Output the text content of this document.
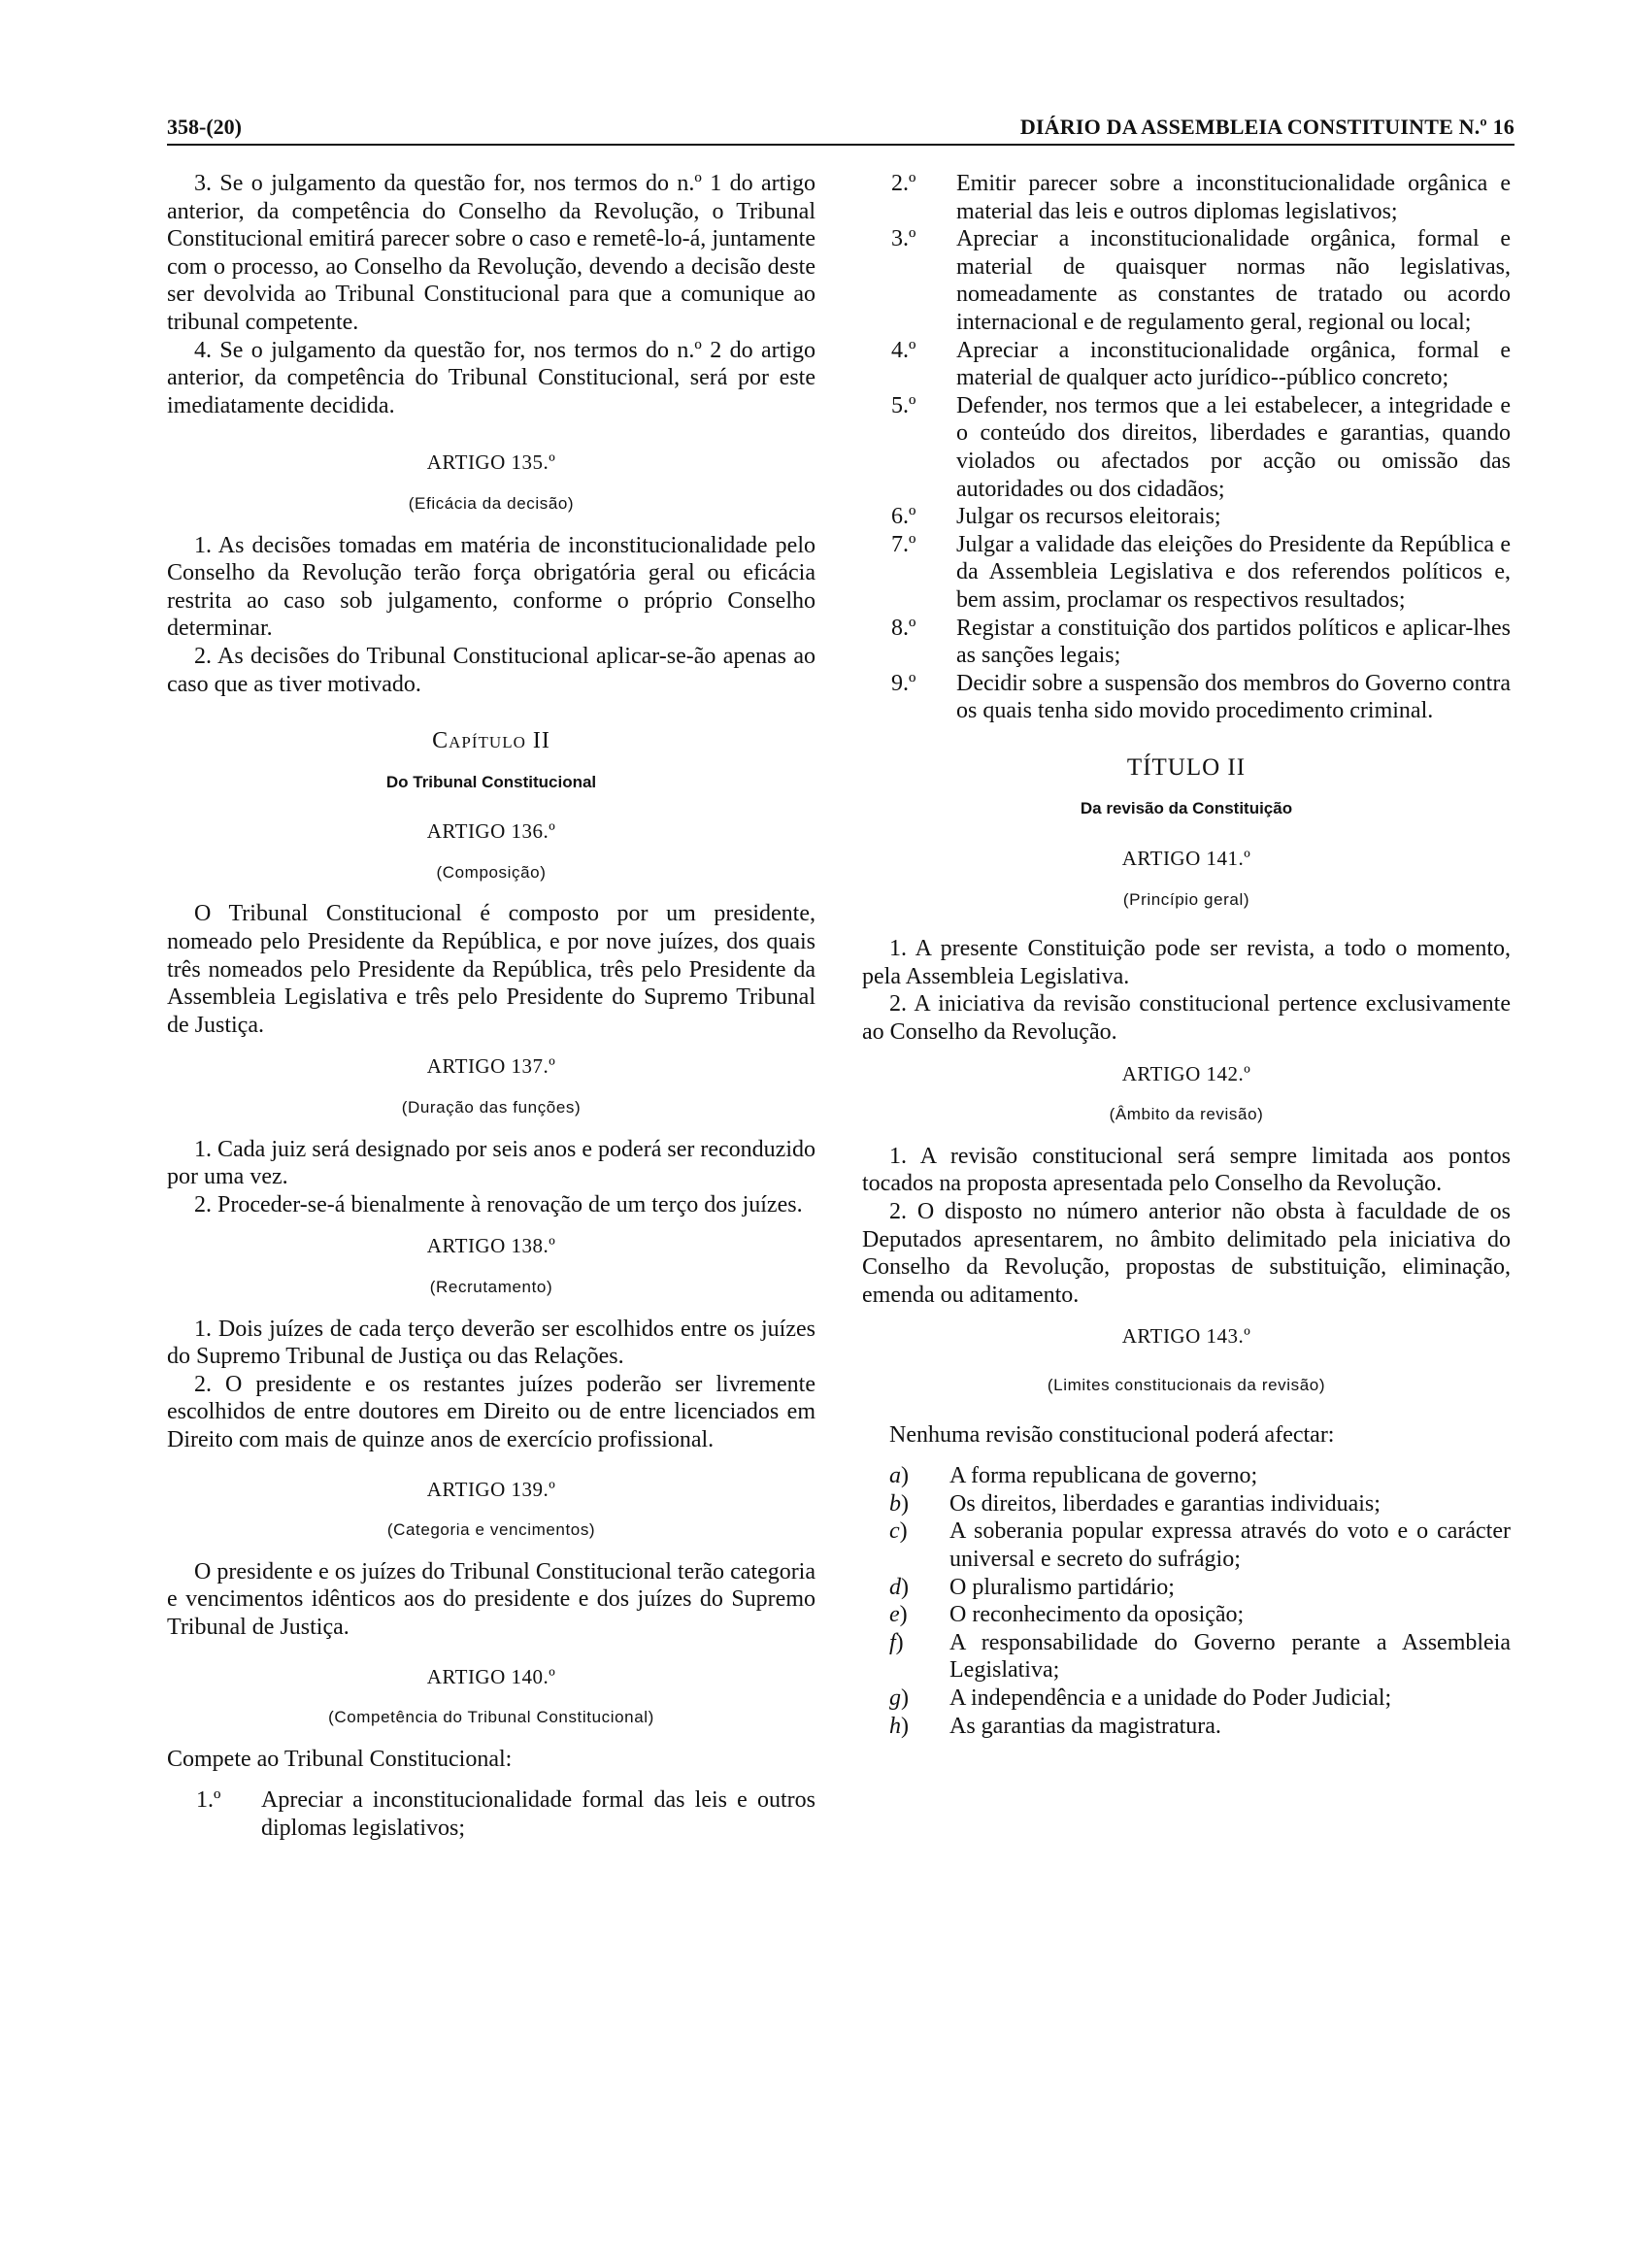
358-(20)	DIÁRIO DA ASSEMBLEIA CONSTITUINTE N.º 16

3. Se o julgamento da questão for, nos termos do n.º 1 do artigo anterior, da competência do Conselho da Revolução, o Tribunal Constitucional emitirá parecer sobre o caso e remetê-lo-á, juntamente com o processo, ao Conselho da Revolução, devendo a decisão deste ser devolvida ao Tribunal Constitucional para que a comunique ao tribunal competente.

4. Se o julgamento da questão for, nos termos do n.º 2 do artigo anterior, da competência do Tribunal Constitucional, será por este imediatamente decidida.

ARTIGO 135.º
(Eficácia da decisão)

1. As decisões tomadas em matéria de inconstitucionalidade pelo Conselho da Revolução terão força obrigatória geral ou eficácia restrita ao caso sob julgamento, conforme o próprio Conselho determinar.

2. As decisões do Tribunal Constitucional aplicar-se-ão apenas ao caso que as tiver motivado.

Capítulo II
Do Tribunal Constitucional
ARTIGO 136.º
(Composição)

O Tribunal Constitucional é composto por um presidente, nomeado pelo Presidente da República, e por nove juízes, dos quais três nomeados pelo Presidente da República, três pelo Presidente da Assembleia Legislativa e três pelo Presidente do Supremo Tribunal de Justiça.

ARTIGO 137.º
(Duração das funções)

1. Cada juiz será designado por seis anos e poderá ser reconduzido por uma vez.

2. Proceder-se-á bienalmente à renovação de um terço dos juízes.

ARTIGO 138.º
(Recrutamento)

1. Dois juízes de cada terço deverão ser escolhidos entre os juízes do Supremo Tribunal de Justiça ou das Relações.

2. O presidente e os restantes juízes poderão ser livremente escolhidos de entre doutores em Direito ou de entre licenciados em Direito com mais de quinze anos de exercício profissional.

ARTIGO 139.º
(Categoria e vencimentos)

O presidente e os juízes do Tribunal Constitucional terão categoria e vencimentos idênticos aos do presidente e dos juízes do Supremo Tribunal de Justiça.

ARTIGO 140.º
(Competência do Tribunal Constitucional)

Compete ao Tribunal Constitucional:

1.º Apreciar a inconstitucionalidade formal das leis e outros diplomas legislativos;
2.º Emitir parecer sobre a inconstitucionalidade orgânica e material das leis e outros diplomas legislativos;
3.º Apreciar a inconstitucionalidade orgânica, formal e material de quaisquer normas não legislativas, nomeadamente as constantes de tratado ou acordo internacional e de regulamento geral, regional ou local;
4.º Apreciar a inconstitucionalidade orgânica, formal e material de qualquer acto jurídico--público concreto;
5.º Defender, nos termos que a lei estabelecer, a integridade e o conteúdo dos direitos, liberdades e garantias, quando violados ou afectados por acção ou omissão das autoridades ou dos cidadãos;
6.º Julgar os recursos eleitorais;
7.º Julgar a validade das eleições do Presidente da República e da Assembleia Legislativa e dos referendos políticos e, bem assim, proclamar os respectivos resultados;
8.º Registar a constituição dos partidos políticos e aplicar-lhes as sanções legais;
9.º Decidir sobre a suspensão dos membros do Governo contra os quais tenha sido movido procedimento criminal.
TÍTULO II
Da revisão da Constituição
ARTIGO 141.º
(Princípio geral)

1. A presente Constituição pode ser revista, a todo o momento, pela Assembleia Legislativa.

2. A iniciativa da revisão constitucional pertence exclusivamente ao Conselho da Revolução.

ARTIGO 142.º
(Âmbito da revisão)

1. A revisão constitucional será sempre limitada aos pontos tocados na proposta apresentada pelo Conselho da Revolução.

2. O disposto no número anterior não obsta à faculdade de os Deputados apresentarem, no âmbito delimitado pela iniciativa do Conselho da Revolução, propostas de substituição, eliminação, emenda ou aditamento.

ARTIGO 143.º
(Limites constitucionais da revisão)

Nenhuma revisão constitucional poderá afectar:

a) A forma republicana de governo;
b) Os direitos, liberdades e garantias individuais;
c) A soberania popular expressa através do voto e o carácter universal e secreto do sufrágio;
d) O pluralismo partidário;
e) O reconhecimento da oposição;
f) A responsabilidade do Governo perante a Assembleia Legislativa;
g) A independência e a unidade do Poder Judicial;
h) As garantias da magistratura.
